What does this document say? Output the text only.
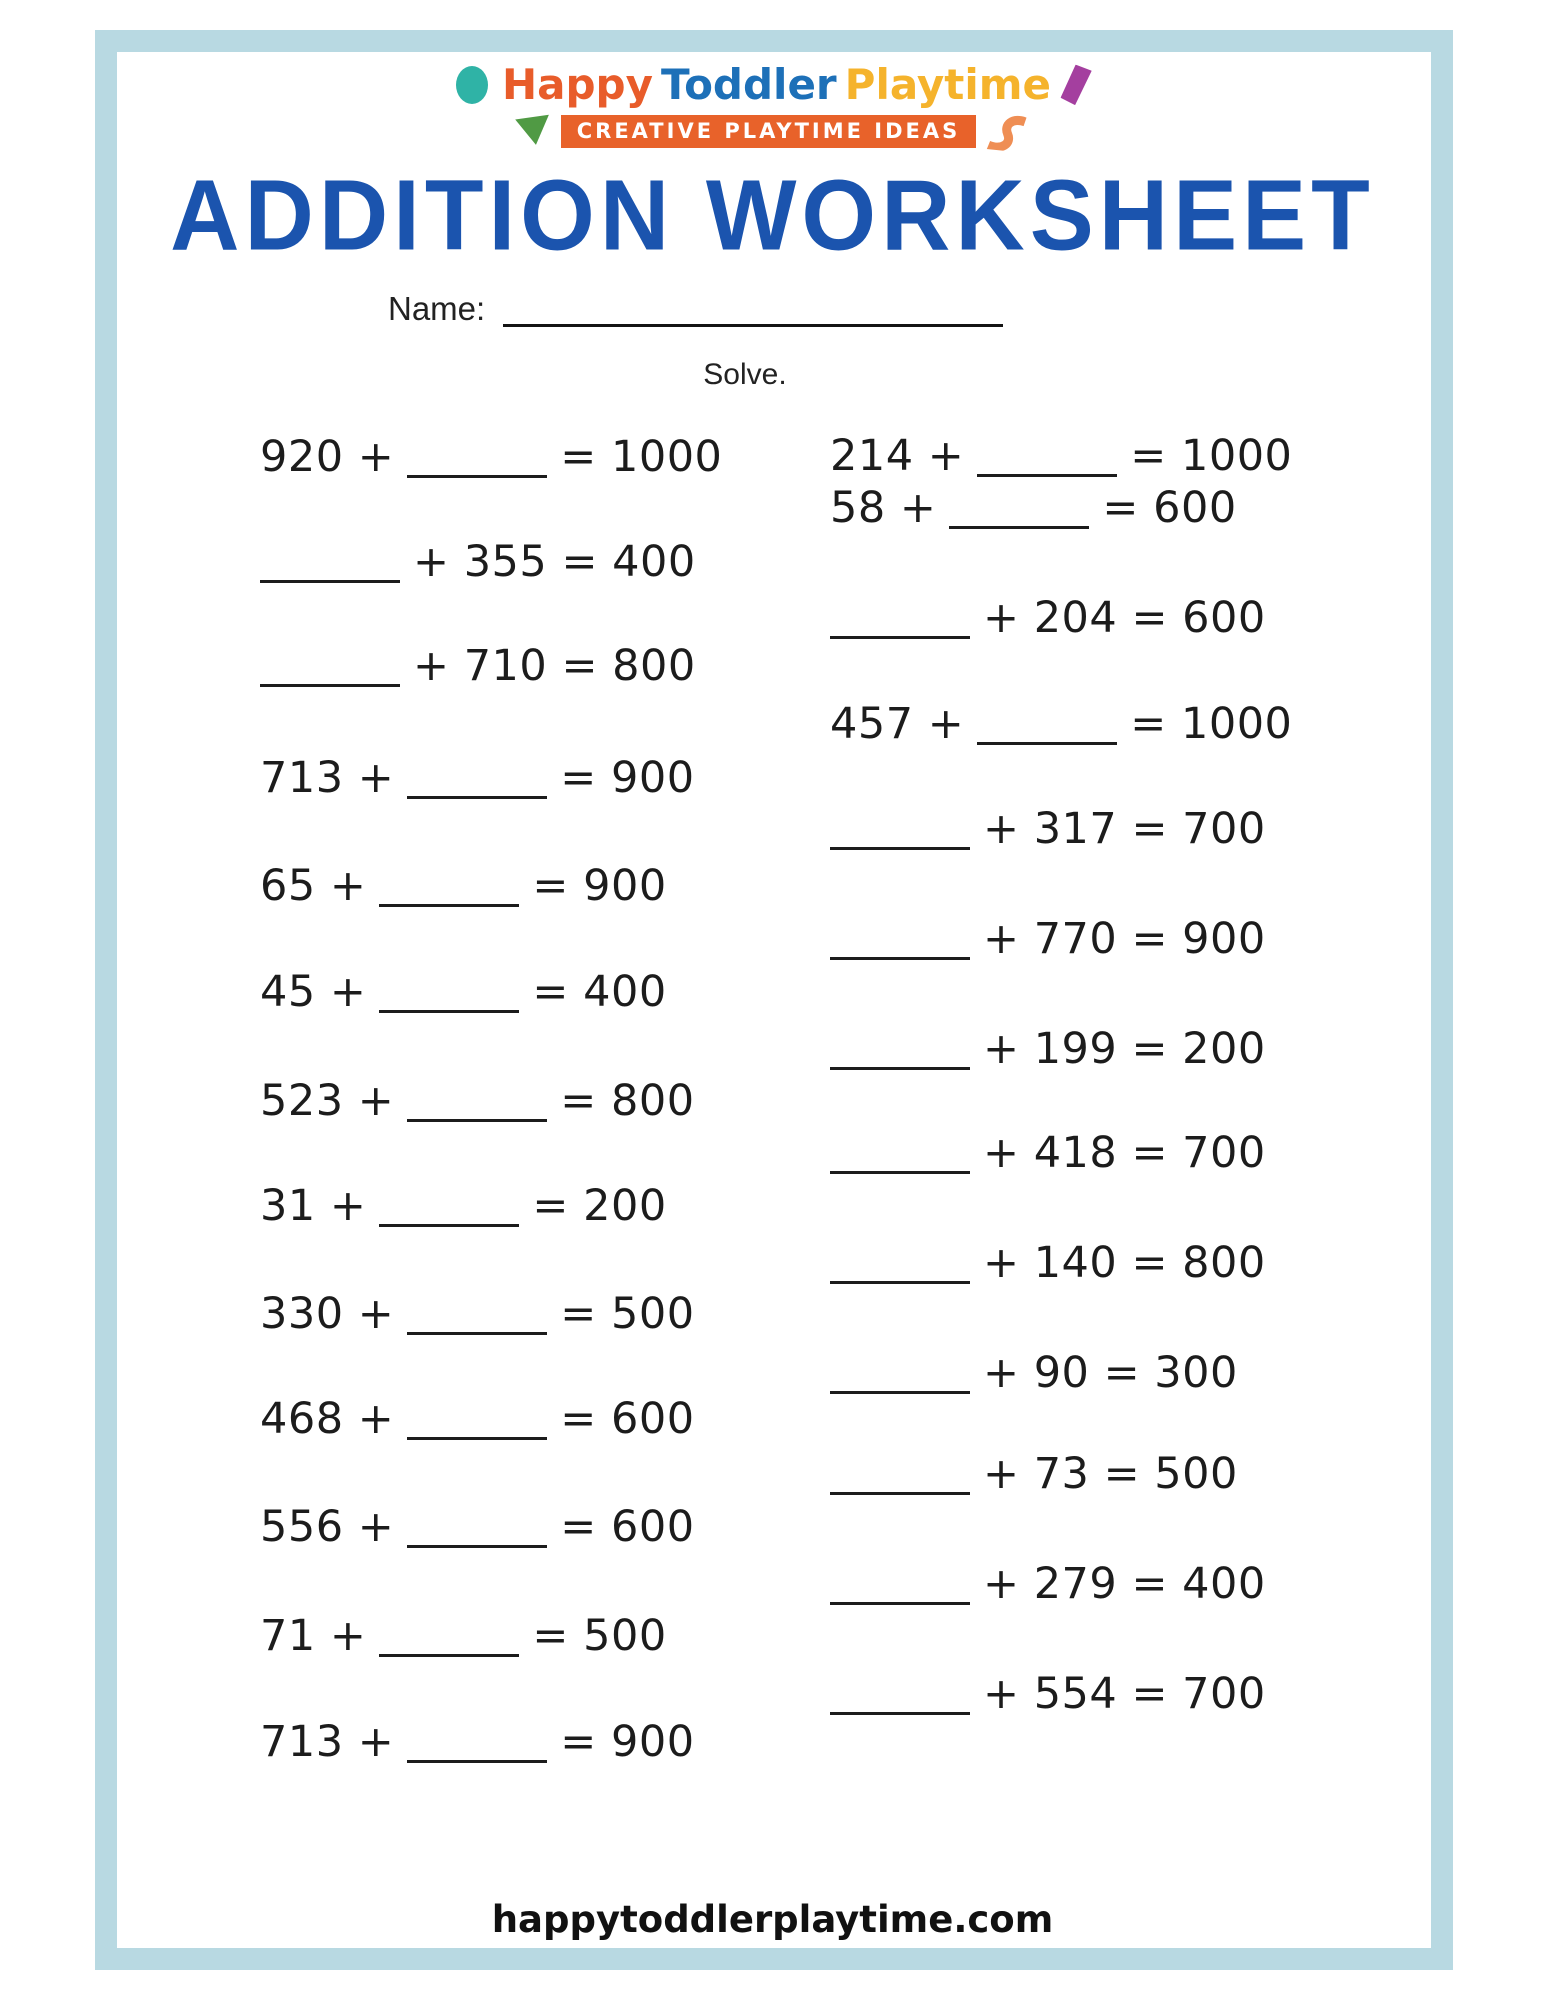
Happy Toddler Playtime
CREATIVE PLAYTIME IDEAS
ADDITION WORKSHEET
Name:
Solve.
happytoddlerplaytime.com
920 +	= 1000
+ 355 = 400
+ 710 = 800
713 +	= 900
65 +	= 900
45 +	= 400
523 +	= 800
31 +	= 200
330 +	= 500
468 +	= 600
556 +	= 600
71 +	= 500
713 +	= 900
214 +	= 1000
58 +	= 600
+ 204 = 600
457 +	= 1000
+ 317 = 700
+ 770 = 900
+ 199 = 200
+ 418 = 700
+ 140 = 800
+ 90 = 300
+ 73 = 500
+ 279 = 400
+ 554 = 700
